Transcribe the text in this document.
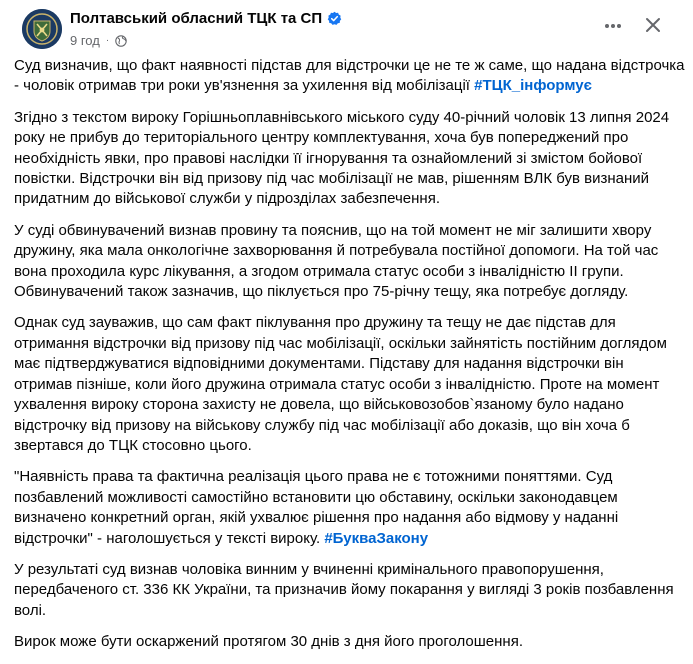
Полтавський обласний ТЦК та СП
9 год ·

Суд визначив, що факт наявності підстав для відстрочки це не те ж саме, що надана відстрочка - чоловік отримав три роки ув'язнення за ухилення від мобілізації #ТЦК_інформує

Згідно з текстом вироку Горішньоплавнівського міського суду 40-річний чоловік 13 липня 2024 року не прибув до територіального центру комплектування, хоча був попереджений про необхідність явки, про правові наслідки її ігнорування та ознайомлений зі змістом бойової повістки. Відстрочки він від призову під час мобілізації не мав, рішенням ВЛК був визнаний придатним до військової служби у підрозділах забезпечення.

У суді обвинувачений визнав провину та пояснив, що на той момент не міг залишити хвору дружину, яка мала онкологічне захворювання й потребувала постійної допомоги. На той час вона проходила курс лікування, а згодом отримала статус особи з інвалідністю ІІ групи. Обвинувачений також зазначив, що піклується про 75-річну тещу, яка потребує догляду.

Однак суд зауважив, що сам факт піклування про дружину та тещу не дає підстав для отримання відстрочки від призову під час мобілізації, оскільки зайнятість постійним доглядом має підтверджуватися відповідними документами. Підставу для надання відстрочки він отримав пізніше, коли його дружина отримала статус особи з інвалідністю. Проте на момент ухвалення вироку сторона захисту не довела, що військовозобов`язаному було надано відстрочку від призову на військову службу під час мобілізації або доказів, що він хоча б звертався до ТЦК стосовно цього.

"Наявність права та фактична реалізація цього права не є тотожними поняттями. Суд позбавлений можливості самостійно встановити цю обставину, оскільки законодавцем визначено конкретний орган, якій ухвалює рішення про надання або відмову у наданні відстрочки" - наголошується у тексті вироку. #БукваЗакону

У результаті суд визнав чоловіка винним у вчиненні кримінального правопорушення, передбаченого ст. 336 КК України, та призначив йому покарання у вигляді 3 років позбавлення волі.

Вирок може бути оскаржений протягом 30 днів з дня його проголошення.
